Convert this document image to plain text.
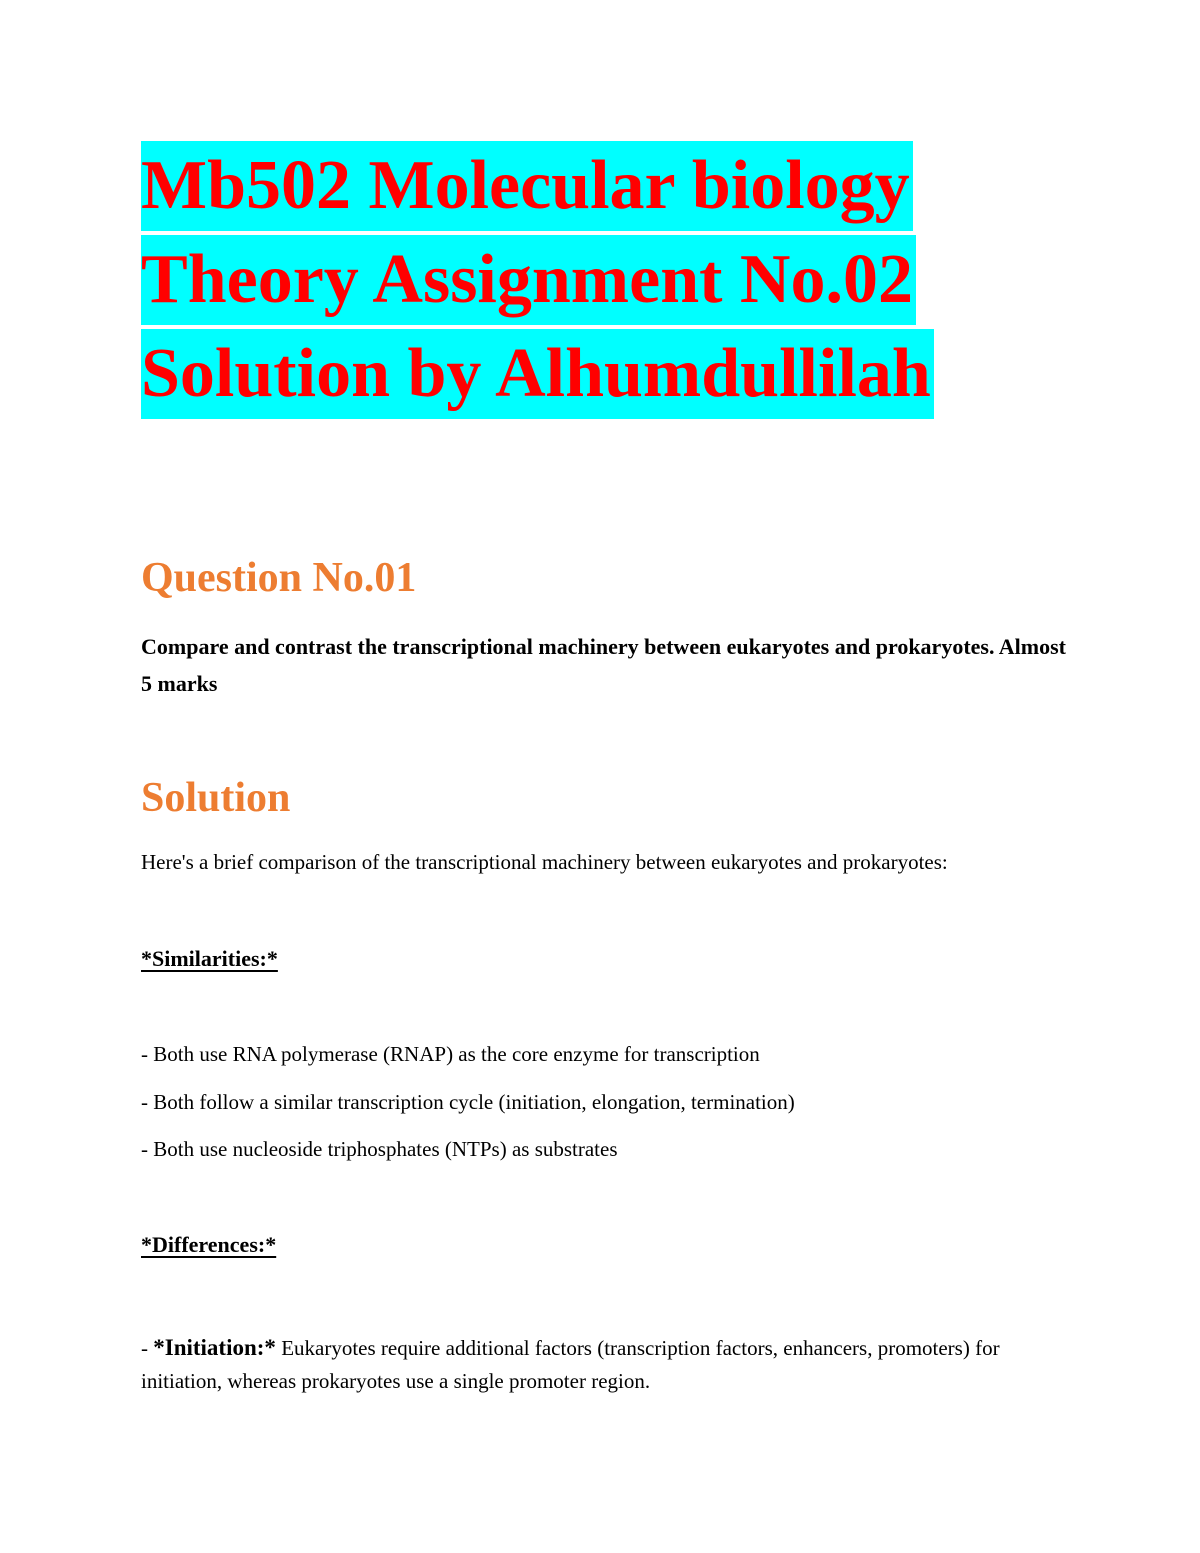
Mb502 Molecular biology
Theory Assignment No.02
Solution by Alhumdullilah
Question No.01
Compare and contrast the transcriptional machinery between eukaryotes and prokaryotes. Almost 5 marks
Solution
Here's a brief comparison of the transcriptional machinery between eukaryotes and prokaryotes:
*Similarities:*
- Both use RNA polymerase (RNAP) as the core enzyme for transcription
- Both follow a similar transcription cycle (initiation, elongation, termination)
- Both use nucleoside triphosphates (NTPs) as substrates
*Differences:*
- *Initiation:* Eukaryotes require additional factors (transcription factors, enhancers, promoters) for initiation, whereas prokaryotes use a single promoter region.
